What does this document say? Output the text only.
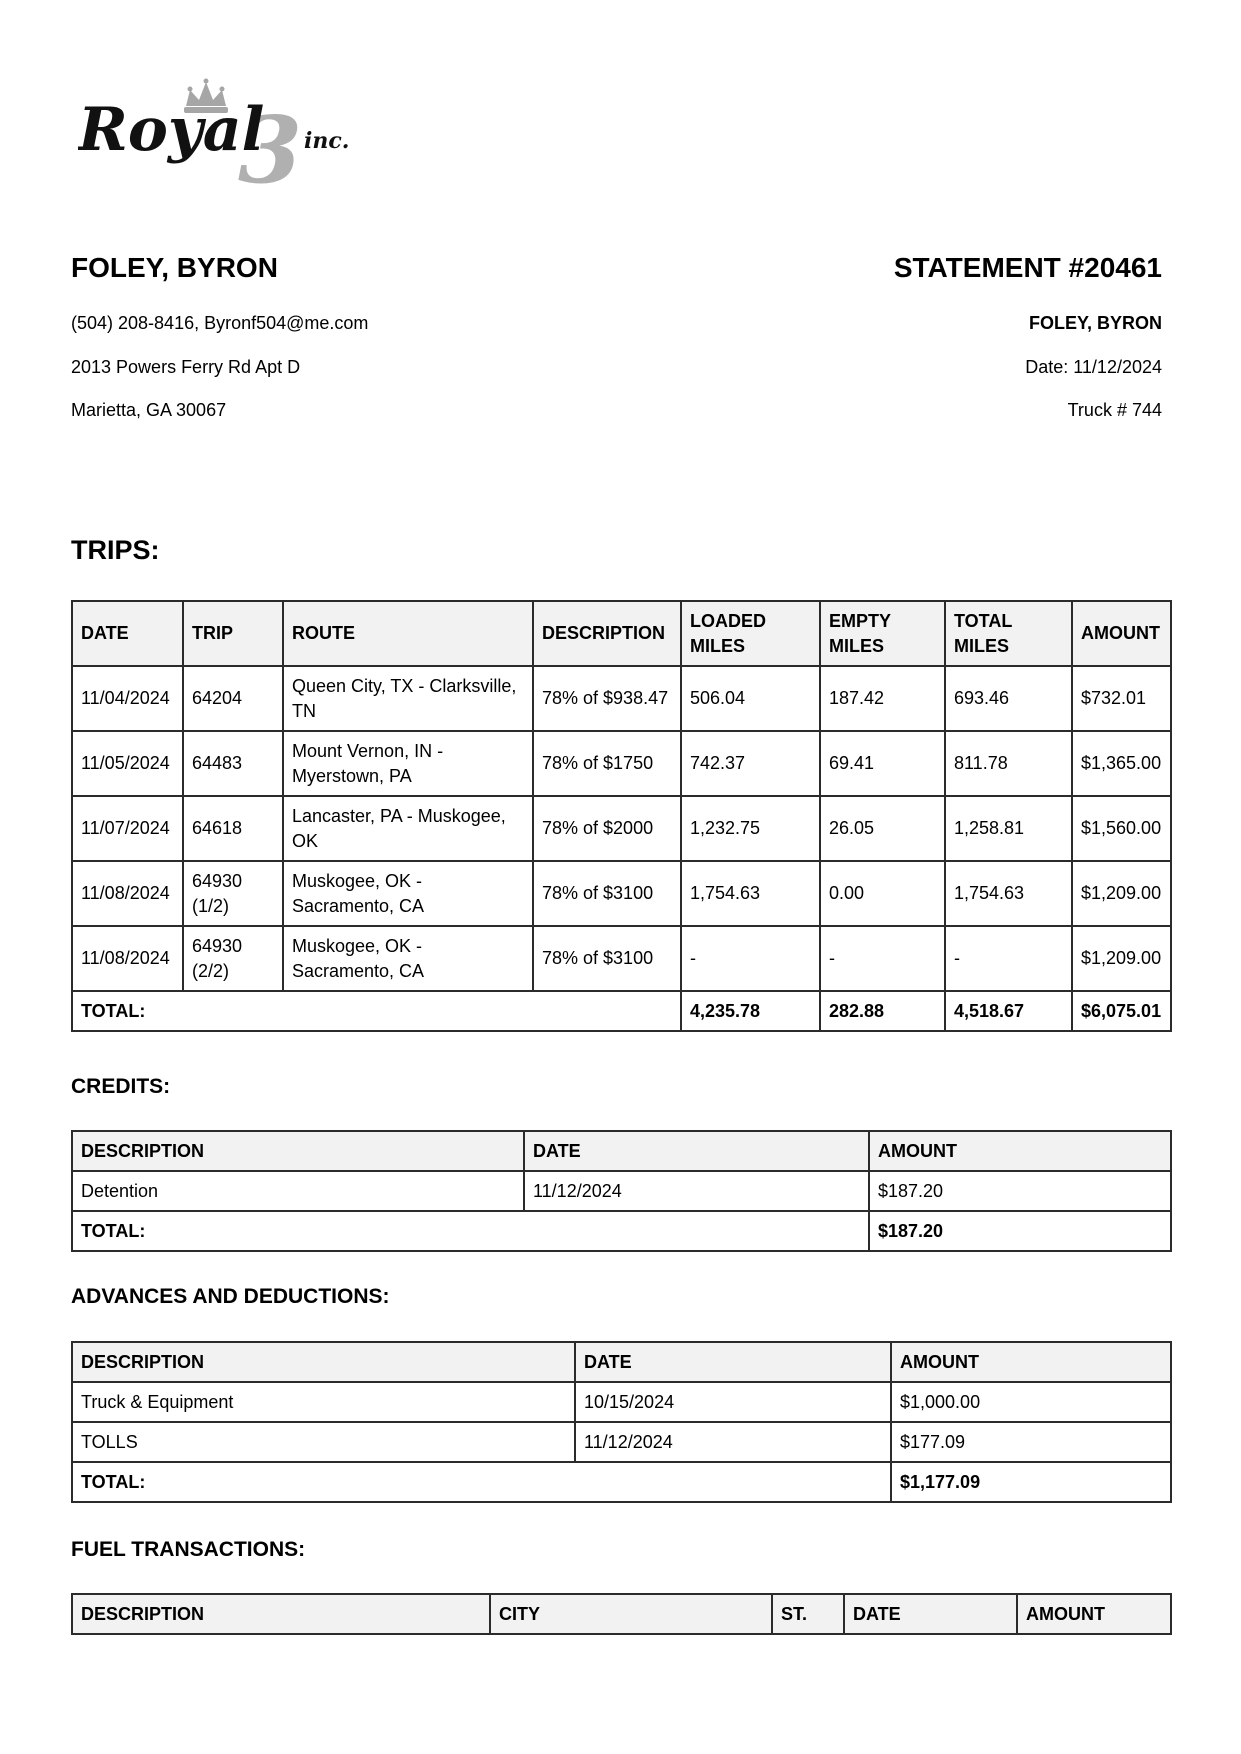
3
Royal inc.
FOLEY, BYRON

(504) 208-8416, Byronf504@me.com

2013 Powers Ferry Rd Apt D

Marietta, GA 30067

STATEMENT #20461

FOLEY, BYRON

Date: 11/12/2024

Truck # 744

TRIPS:
DATE	TRIP	ROUTE	DESCRIPTION	LOADED MILES	EMPTY MILES	TOTAL MILES	AMOUNT
11/04/2024	64204	Queen City, TX - Clarksville, TN	78% of $938.47	506.04	187.42	693.46	$732.01
11/05/2024	64483	Mount Vernon, IN - Myerstown, PA	78% of $1750	742.37	69.41	811.78	$1,365.00
11/07/2024	64618	Lancaster, PA - Muskogee, OK	78% of $2000	1,232.75	26.05	1,258.81	$1,560.00
11/08/2024	64930 (1/2)	Muskogee, OK - Sacramento, CA	78% of $3100	1,754.63	0.00	1,754.63	$1,209.00
11/08/2024	64930 (2/2)	Muskogee, OK - Sacramento, CA	78% of $3100	-	-	-	$1,209.00
TOTAL:				4,235.78	282.88	4,518.67	$6,075.01
CREDITS:
DESCRIPTION	DATE	AMOUNT
Detention	11/12/2024	$187.20
TOTAL:		$187.20
ADVANCES AND DEDUCTIONS:
DESCRIPTION	DATE	AMOUNT
Truck & Equipment	10/15/2024	$1,000.00
TOLLS	11/12/2024	$177.09
TOTAL:		$1,177.09
FUEL TRANSACTIONS:
DESCRIPTION	CITY	ST.	DATE	AMOUNT
